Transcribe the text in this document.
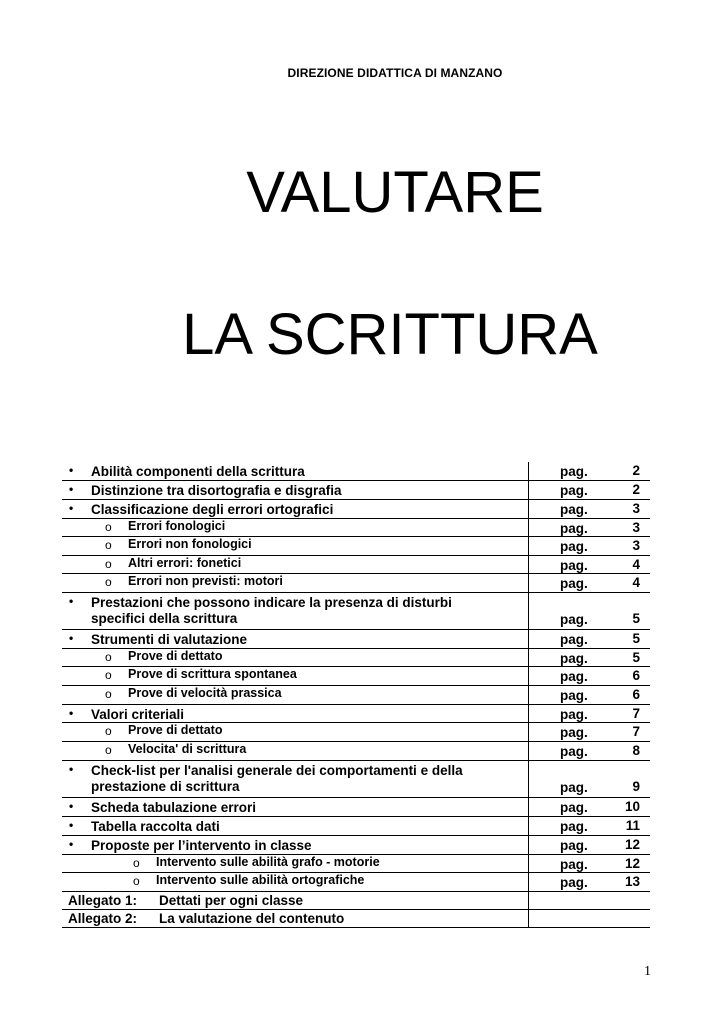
DIREZIONE DIDATTICA DI MANZANO
VALUTARE
LA SCRITTURA
• Abilità componenti della scrittura	pag.	2
• Distinzione tra disortografia e disgrafia	pag.	2
• Classificazione degli errori ortografici	pag.	3
o Errori fonologici	pag.	3
o Errori non fonologici	pag.	3
o Altri errori: fonetici	pag.	4
o Errori non previsti: motori	pag.	4
• Prestazioni che possono indicare la presenza di disturbi
specifici della scrittura	pag.	5
• Strumenti di valutazione	pag.	5
o Prove di dettato	pag.	5
o Prove di scrittura spontanea	pag.	6
o Prove di velocità prassica	pag.	6
• Valori criteriali	pag.	7
o Prove di dettato	pag.	7
o Velocita' di scrittura	pag.	8
• Check-list per l'analisi generale dei comportamenti e della
prestazione di scrittura	pag.	9
• Scheda tabulazione errori	pag.	10
• Tabella raccolta dati	pag.	11
• Proposte per l’intervento in classe	pag.	12
o Intervento sulle abilità grafo - motorie	pag.	12
o Intervento sulle abilità ortografiche	pag.	13
Allegato 1: Dettati per ogni classe
Allegato 2: La valutazione del contenuto
1
